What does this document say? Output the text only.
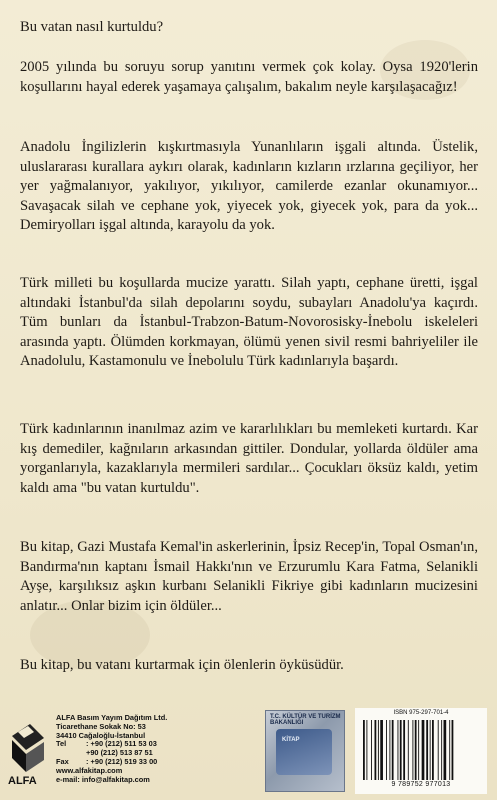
Bu vatan nasıl kurtuldu?

2005 yılında bu soruyu sorup yanıtını vermek çok kolay. Oysa 1920'lerin koşullarını hayal ederek yaşamaya çalışalım, bakalım neyle karşılaşacağız!

Anadolu İngilizlerin kışkırtmasıyla Yunanlıların işgali altında. Üstelik, uluslararası kurallara aykırı olarak, kadınların kızların ırzlarına geçiliyor, her yer yağmalanıyor, yakılıyor, yıkılıyor, camilerde ezanlar okunamıyor... Savaşacak silah ve cephane yok, yiyecek yok, giyecek yok, para da yok... Demiryolları işgal altında, karayolu da yok.

Türk milleti bu koşullarda mucize yarattı. Silah yaptı, cephane üretti, işgal altındaki İstanbul'da silah depolarını soydu, subayları Anadolu'ya kaçırdı. Tüm bunları da İstanbul-Trabzon-Batum-Novorosisky-İnebolu iskeleleri arasında yaptı. Ölümden korkmayan, ölümü yenen sivil resmi bahriyeliler ile Anadolulu, Kastamonulu ve İnebolulu Türk kadınlarıyla başardı.

Türk kadınlarının inanılmaz azim ve kararlılıkları bu memleketi kurtardı. Kar kış demediler, kağnıların arkasından gittiler. Dondular, yollarda öldüler ama yorganlarıyla, kazaklarıyla mermileri sardılar... Çocukları öksüz kaldı, yetim kaldı ama "bu vatan kurtuldu".

Bu kitap, Gazi Mustafa Kemal'in askerlerinin, İpsiz Recep'in, Topal Osman'ın, Bandırma'nın kaptanı İsmail Hakkı'nın ve Erzurumlu Kara Fatma, Selanikli Ayşe, karşılıksız aşkın kurbanı Selanikli Fikriye gibi kadınların mucizesini anlatır... Onlar bizim için öldüler...

Bu kitap, bu vatanı kurtarmak için ölenlerin öyküsüdür.

ALFA
ALFA Basım Yayım Dağıtım Ltd.
Ticarethane Sokak No: 53
34410 Cağaloğlu-İstanbul
Tel	: +90 (212) 511 53 03
+90 (212) 513 87 51
Fax	: +90 (212) 519 33 00
www.alfakitap.com
e-mail: info@alfakitap.com
T.C. KÜLTÜR VE TURİZM BAKANLIĞI
KİTAP
ISBN 975-297-701-4
9 789752 977013
